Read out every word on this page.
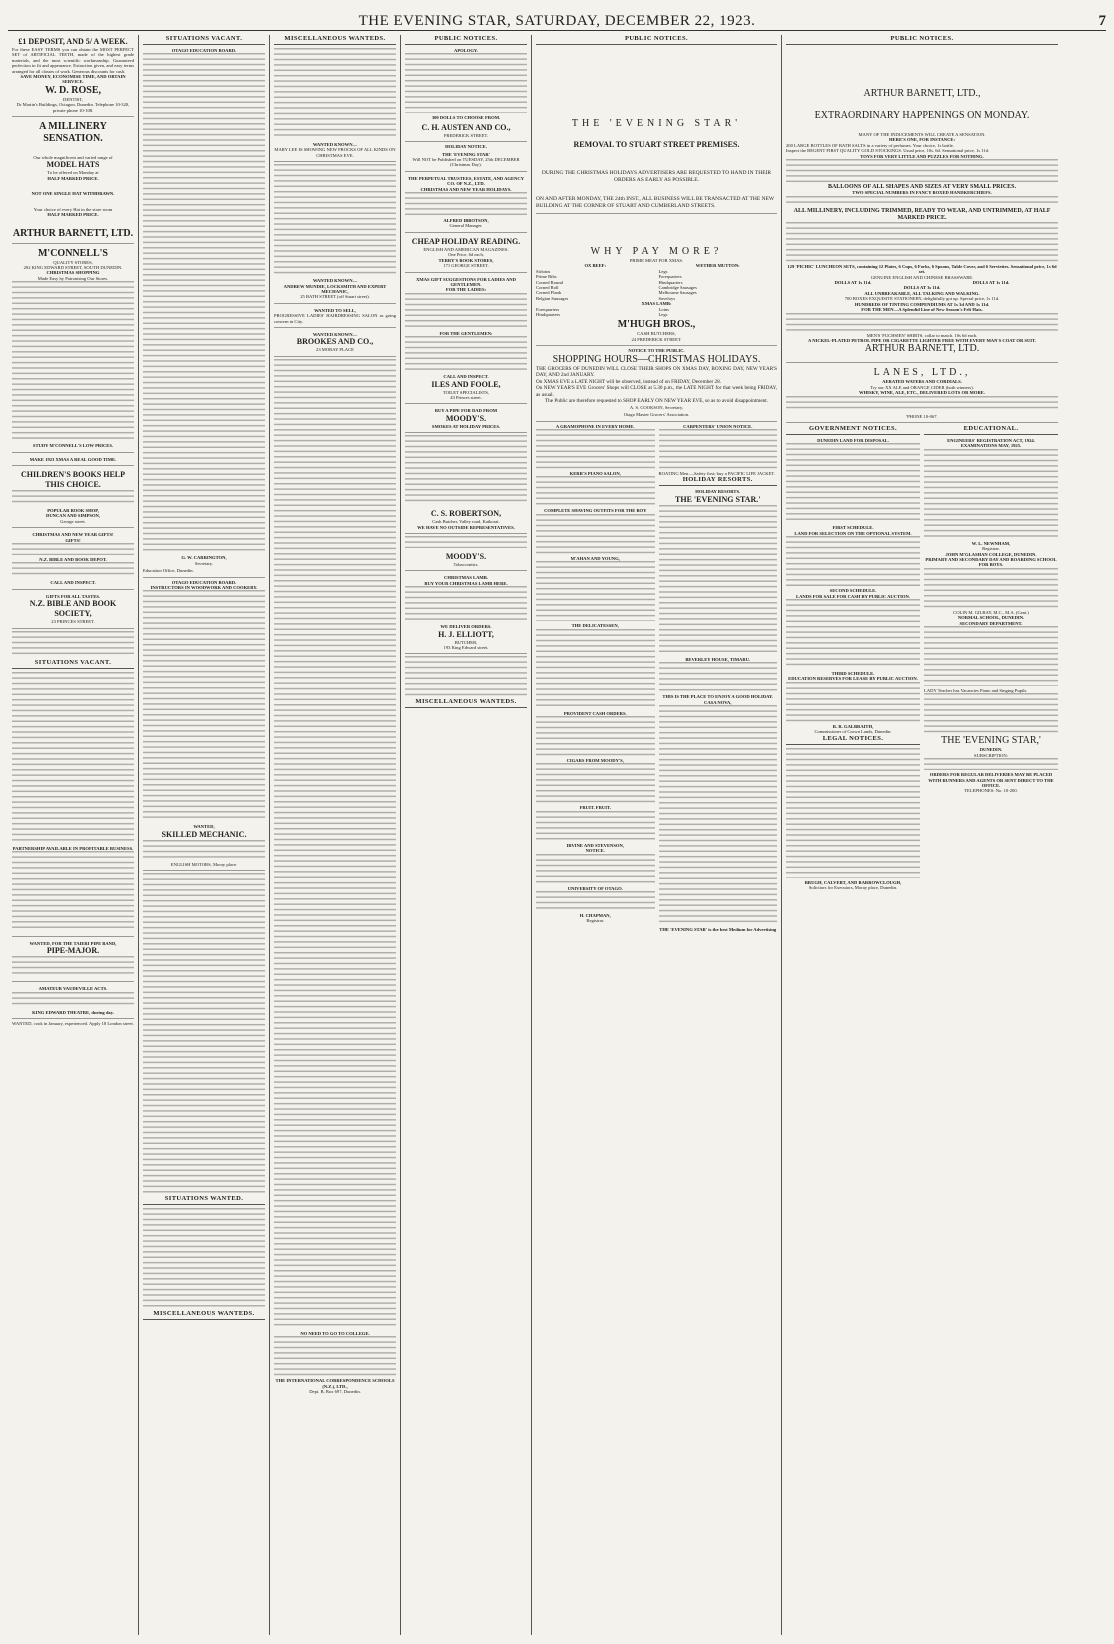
THE EVENING STAR, SATURDAY, DECEMBER 22, 1923.	7
£1 DEPOSIT, AND 5/ A WEEK.
For these EASY TERMS you can obtain the MOST PERFECT SET of ARTIFICIAL TEETH, made of the highest grade materials, and the most scientific workmanship. Guaranteed perfection in fit and appearance. Extraction given, and easy terms arranged for all classes of work. Generous discounts for cash.
SAVE MONEY, ECONOMISE TIME, AND OBTAIN SERVICE.
W. D. ROSE,
DENTIST,
Dr Martin's Buildings, Octagon, Dunedin. Telephone 10-320, private phone 10-108.
A MILLINERY SENSATION.
Our whole magnificent and varied range of
MODEL HATS
To be offered on Monday at
HALF MARKED PRICE.
NOT ONE SINGLE HAT WITHDRAWN.
Your choice of every Hat in the store room
HALF MARKED PRICE.
ARTHUR BARNETT, LTD.
M'CONNELL'S
QUALITY STORES,
292 KING EDWARD STREET, SOUTH DUNEDIN.
CHRISTMAS SHOPPING
Made Easy by Patronising Our Stores.
STUDY M'CONNELL'S LOW PRICES.
MAKE 1923 XMAS A REAL GOOD TIME.
CHILDREN'S BOOKS HELP THIS CHOICE.
POPULAR BOOK SHOP,
DUNCAN AND SIMPSON,
George street.
CHRISTMAS AND NEW YEAR GIFTS!
GIFTS!
N.Z. BIBLE AND BOOK DEPOT.
CALL AND INSPECT.
GIFTS FOR ALL TASTES.
N.Z. BIBLE AND BOOK SOCIETY,
23 PRINCES STREET.
SITUATIONS VACANT.
PARTNERSHIP AVAILABLE IN PROFITABLE BUSINESS.
WANTED, FOR THE TAIERI PIPE BAND,
PIPE-MAJOR.
AMATEUR VAUDEVILLE ACTS.
KING EDWARD THEATRE, during day.
WANTED, cook in January, experienced. Apply 18 London street.
SITUATIONS VACANT.
OTAGO EDUCATION BOARD.
G. W. CARRINGTON,
Secretary.
Education Office, Dunedin.
OTAGO EDUCATION BOARD.
INSTRUCTORS IN WOODWORK AND COOKERY.
WANTED,
SKILLED MECHANIC.
ENGLISH MOTORS, Moray place.
SITUATIONS WANTED.
MISCELLANEOUS WANTEDS.
MISCELLANEOUS WANTEDS.
WANTED KNOWN—
MARY LEE IS SHOWING NEW FROCKS OF ALL KINDS ON CHRISTMAS EVE.
WANTED KNOWN—
ANDREW MUNDIE, LOCKSMITH AND EXPERT MECHANIC,
25 BATH STREET (off Stuart street).
WANTED TO SELL,
PROGRESSIVE LADIES' HAIRDRESSING SALON as going concern in City.
WANTED KNOWN—
BROOKES AND CO.,
23 MORAY PLACE
NO NEED TO GO TO COLLEGE.
THE INTERNATIONAL CORRESPONDENCE SCHOOLS (N.Z.), LTD.,
Dept. B, Box 697, Dunedin.
PUBLIC NOTICES.
APOLOGY.
300 DOLLS TO CHOOSE FROM.
C. H. AUSTEN AND CO.,
FREDERICK STREET.
HOLIDAY NOTICE.
THE 'EVENING STAR'
Will NOT be Published on TUESDAY, 25th DECEMBER (Christmas Day).
THE PERPETUAL TRUSTEES, ESTATE, AND AGENCY CO. OF N.Z., LTD.
CHRISTMAS AND NEW YEAR HOLIDAYS.
ALFRED IBBOTSON,
General Manager.
CHEAP HOLIDAY READING.
ENGLISH AND AMERICAN MAGAZINES.
One Price, 6d each,
TERRY'S BOOK STORES,
171 GEORGE STREET.
XMAS GIFT SUGGESTIONS FOR LADIES AND GENTLEMEN.
FOR THE LADIES:
FOR THE GENTLEMEN:
CALL AND INSPECT.
ILES AND FOOLE,
TOILET SPECIALISTS,
43 Princes street.
BUY A PIPE FOR DAD FROM
MOODY'S.
SMOKES AT HOLIDAY PRICES.
C. S. ROBERTSON,
Cash Butcher, Valley road, Kaikorai.
WE HAVE NO OUTSIDE REPRESENTATIVES.
MOODY'S.
Tobacconists.
CHRISTMAS LAMB.
BUY YOUR CHRISTMAS LAMB HERE.
WE DELIVER ORDERS.
H. J. ELLIOTT,
BUTCHER,
193 King Edward street.
MISCELLANEOUS WANTEDS.
PUBLIC NOTICES.
THE 'EVENING STAR'
REMOVAL TO STUART STREET PREMISES.
DURING THE CHRISTMAS HOLIDAYS ADVERTISERS ARE REQUESTED TO HAND IN THEIR ORDERS AS EARLY AS POSSIBLE.
ON AND AFTER MONDAY, THE 24th INST., ALL BUSINESS WILL BE TRANSACTED AT THE NEW BUILDING AT THE CORNER OF STUART AND CUMBERLAND STREETS.
WHY PAY MORE?
PRIME MEAT FOR XMAS.
OX BEEF:
Sirloins
Prime Ribs
Corned Round
Corned Roll
Corned Flank
Belgian Sausages
WETHER MUTTON:
Legs
Forequarters
Hindquarters
Cambridge Sausages
Melbourne Sausages
Saveloys
XMAS LAMB:
Forequarters
Hindquarters
Loins
Legs
M'HUGH BROS.,
CASH BUTCHERS,
24 FREDERICK STREET.
NOTICE TO THE PUBLIC.
SHOPPING HOURS—CHRISTMAS HOLIDAYS.
THE GROCERS OF DUNEDIN WILL CLOSE THEIR SHOPS ON XMAS DAY, BOXING DAY, NEW YEAR'S DAY, AND 2nd JANUARY.
On XMAS EVE a LATE NIGHT will be observed, instead of on FRIDAY, December 28.
On NEW YEAR'S EVE Grocers' Shops will CLOSE at 5.30 p.m., the LATE NIGHT for that week being FRIDAY, as usual.
The Public are therefore requested to SHOP EARLY ON NEW YEAR EVE, so as to avoid disappointment.
A. S. COOKSON, Secretary,
Otago Master Grocers' Association.
A GRAMOPHONE IN EVERY HOME.
KERR'S PIANO SALON,
COMPLETE SHAVING OUTFITS FOR THE BOY
M'AHAN AND YOUNG,
THE DELICATESSEN,
PROVIDENT CASH ORDERS.
CIGARS FROM MOODY'S,
FRUIT. FRUIT.
IRVINE AND STEVENSON,
NOTICE.
UNIVERSITY OF OTAGO.
H. CHAPMAN,
Registrar.
CARPENTERS' UNION NOTICE.
BOATING Men.—Safety first; buy a PACIFIC LIFE JACKET.
HOLIDAY RESORTS.
HOLIDAY RESORTS.
THE 'EVENING STAR.'
BEVERLEY HOUSE, TIMARU.
THIS IS THE PLACE TO ENJOY A GOOD HOLIDAY.
CASA NOVA,
THE 'EVENING STAR' is the best Medium for Advertising
PUBLIC NOTICES.
ARTHUR BARNETT, LTD.,
EXTRAORDINARY HAPPENINGS ON MONDAY.
MANY OF THE INDUCEMENTS WILL CREATE A SENSATION.
HERE'S ONE, FOR INSTANCE:
200 LARGE BOTTLES OF BATH SALTS in a variety of perfumes. Your choice, 1s bottle.
Inspect the BEGENT FIRST QUALITY GOLD STOCKINGS. Usual price, 10s. 6d. Sensational price, 1s 11d.
TOYS FOR VERY LITTLE AND PUZZLES FOR NOTHING.
BALLOONS OF ALL SHAPES AND SIZES AT VERY SMALL PRICES.
TWO SPECIAL NUMBERS IN FANCY BOXED HANDKERCHIEFS.
ALL MILLINERY, INCLUDING TRIMMED, READY TO WEAR, AND UNTRIMMED, AT HALF MARKED PRICE.
129 'PICHIC' LUNCHEON SETS, containing 12 Plates, 6 Cups, 6 Forks, 6 Spoons, Table Cover, and 6 Serviettes. Sensational price, 1s 6d set.
GENUINE ENGLISH AND CHINESE BRASSWARE.
DOLLS AT 1s 11d.	DOLLS AT 1s 11d.
DOLLS AT 3s 11d.
ALL UNBREAKABLE, ALL TALKING AND WALKING.
700 BOXES EXQUISITE STATIONERY, delightfully got up. Special price, 1s 11d.
HUNDREDS OF TINTING COMPENDIUMS AT 1s 3d AND 1s 11d.
FOR THE MEN—A Splendid Line of New Season's Felt Hats.
MEN'S 'FUCHSIEN' SHIRTS, collar to match. 10s 6d each.
A NICKEL-PLATED PETROL PIPE OR CIGARETTE LIGHTER FREE WITH EVERY MAN'S COAT OR SUIT.
ARTHUR BARNETT, LTD.
LANES, LTD.,
AERATED WATERS AND CORDIALS.
Try our XX ALE and ORANGE CIDER (both winners).
WHISKY, WINE, ALE, ETC., DELIVERED LOTS OR MORE.
'PHONE 10-067.
GOVERNMENT NOTICES.
DUNEDIN LAND FOR DISPOSAL.
FIRST SCHEDULE.
LAND FOR SELECTION ON THE OPTIONAL SYSTEM.
SECOND SCHEDULE.
LANDS FOR SALE FOR CASH BY PUBLIC AUCTION.
THIRD SCHEDULE.
EDUCATION RESERVES FOR LEASE BY PUBLIC AUCTION.
R. R. GALBRAITH,
Commissioner of Crown Lands, Dunedin.
LEGAL NOTICES.
BRUGH, CALVERT, AND BARROWCLOUGH,
Solicitors for Executors, Moray place, Dunedin.
EDUCATIONAL.
ENGINEERS' REGISTRATION ACT, 1924.
EXAMINATIONS MAY, 1925.
W. L. NEWNHAM,
Registrar.
JOHN M'GLASHAN COLLEGE, DUNEDIN.
PRIMARY AND SECONDARY DAY AND BOARDING SCHOOL FOR BOYS.
COLIN M. GILRAY, M.C., M.A. (Cant.)
NORMAL SCHOOL, DUNEDIN.
SECONDARY DEPARTMENT.
LADY Teacher has Vacancies Piano and Singing Pupils.
THE 'EVENING STAR,'
DUNEDIN.
SUBSCRIPTION:
ORDERS FOR REGULAR DELIVERIES MAY BE PLACED WITH RUNNERS AND AGENTS OR SENT DIRECT TO THE OFFICE.
TELEPHONES: No. 10-200.
